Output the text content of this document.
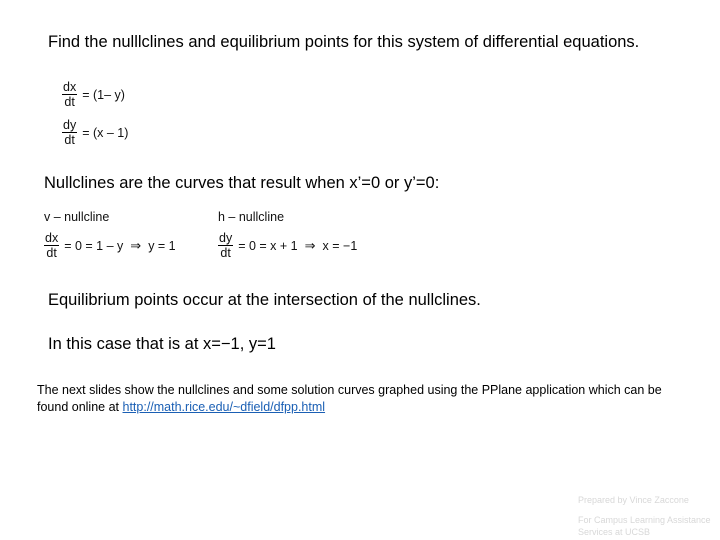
Find the nulllclines and equilibrium points for this system of differential equations.
$\frac{dx}{dt} = (1-$ y)
$\frac{dy}{dt} = (x - 1)$
Nullclines are the curves that result when x’=0 or y’=0:
v – nullcline
$\frac{dx}{dt} = 0 = 1 - y$ ⇒ y = 1
h – nullcline
$\frac{dy}{dt} = 0 = x + 1$ ⇒ x = −1
Equilibrium points occur at the intersection of the nullclines.
In this case that is at x=−1, y=1
The next slides show the nullclines and some solution curves graphed using the PPlane application which can be found online at http://math.rice.edu/~dfield/dfpp.html
Prepared by Vince Zaccone
For Campus Learning Assistance Services at UCSB
